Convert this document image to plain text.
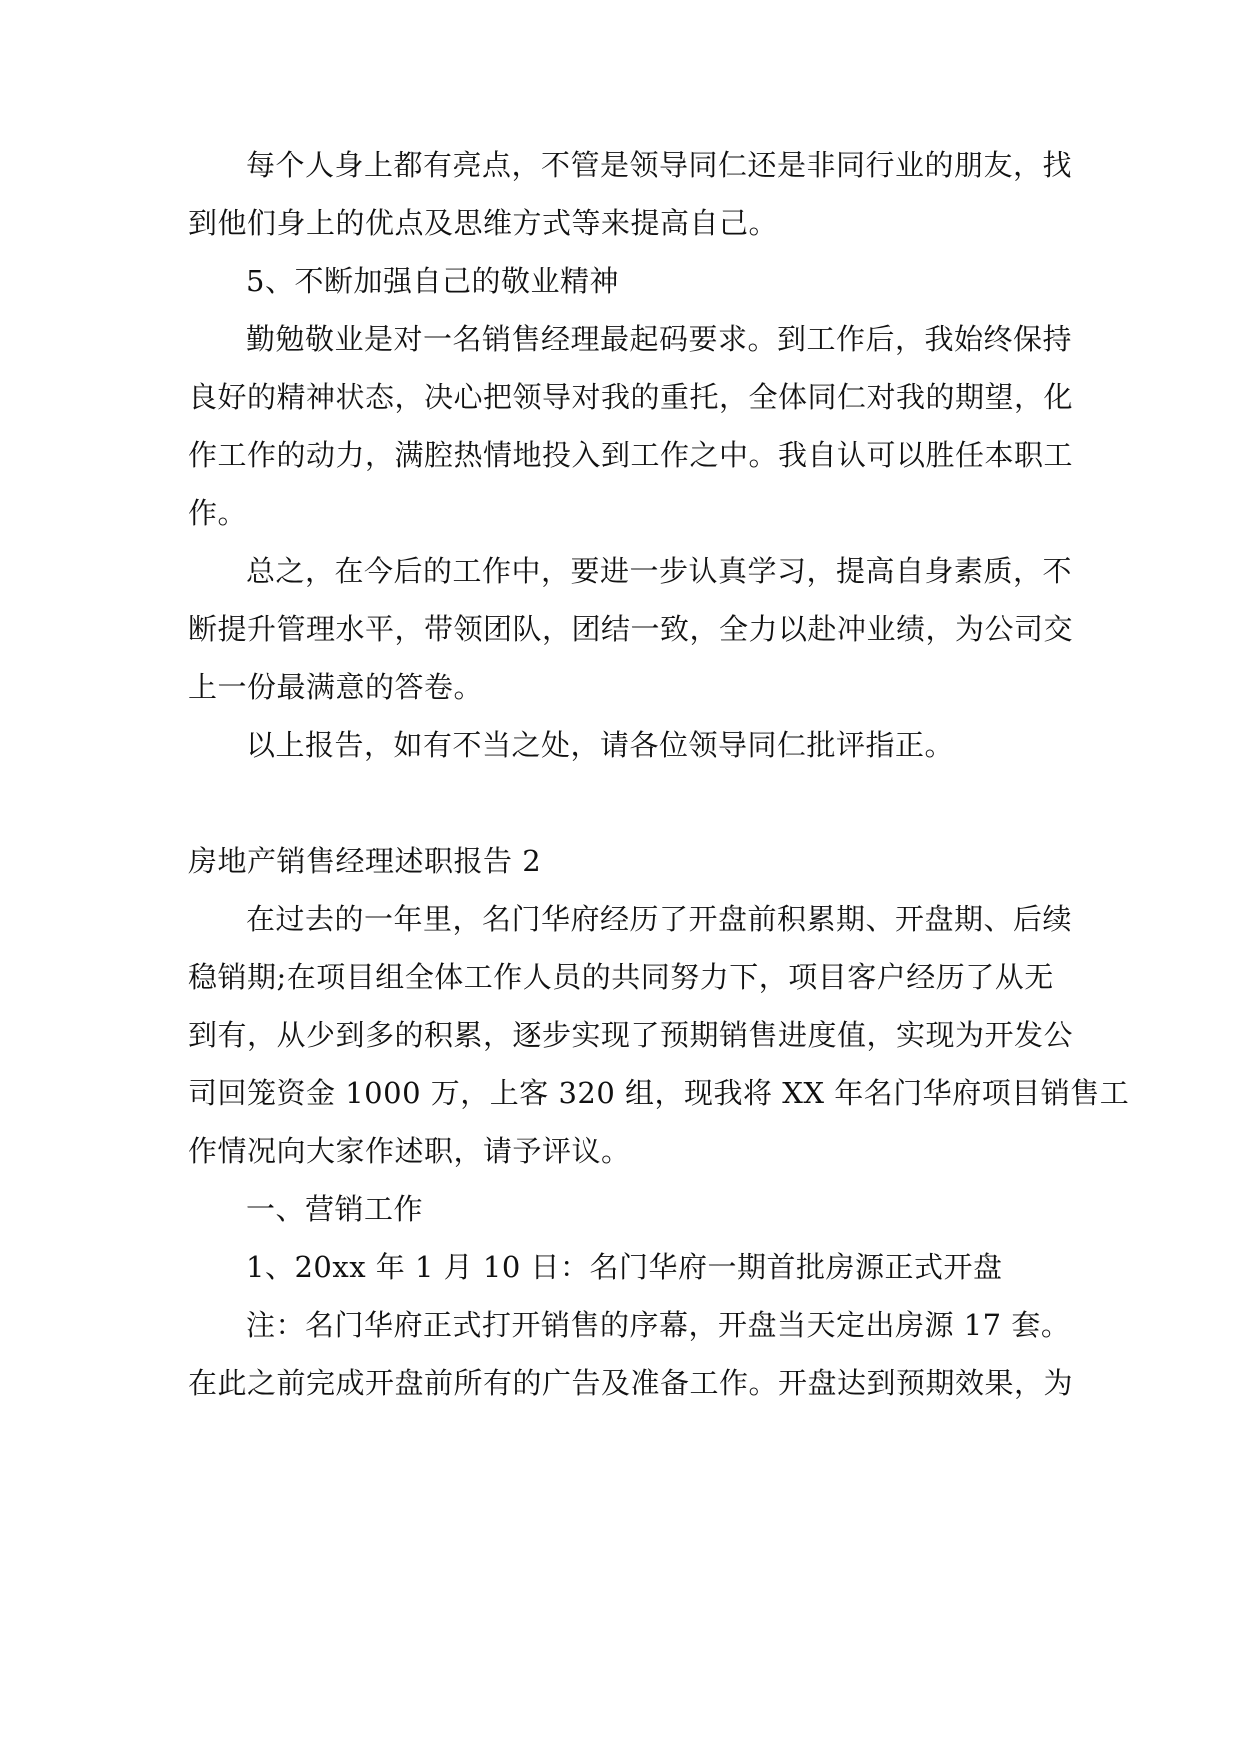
每个人身上都有亮点，不管是领导同仁还是非同行业的朋友，找
到他们身上的优点及思维方式等来提高自己。
5、不断加强自己的敬业精神
勤勉敬业是对一名销售经理最起码要求。到工作后，我始终保持
良好的精神状态，决心把领导对我的重托，全体同仁对我的期望，化
作工作的动力，满腔热情地投入到工作之中。我自认可以胜任本职工
作。
总之，在今后的工作中，要进一步认真学习，提高自身素质，不
断提升管理水平，带领团队，团结一致，全力以赴冲业绩，为公司交
上一份最满意的答卷。
以上报告，如有不当之处，请各位领导同仁批评指正。
房地产销售经理述职报告 2
在过去的一年里，名门华府经历了开盘前积累期、开盘期、后续
稳销期;在项目组全体工作人员的共同努力下，项目客户经历了从无
到有，从少到多的积累，逐步实现了预期销售进度值，实现为开发公
司回笼资金 1000 万，上客 320 组，现我将 XX 年名门华府项目销售工
作情况向大家作述职，请予评议。
一、营销工作
1、20xx 年 1 月 10 日：名门华府一期首批房源正式开盘
注：名门华府正式打开销售的序幕，开盘当天定出房源 17 套。
在此之前完成开盘前所有的广告及准备工作。开盘达到预期效果，为
